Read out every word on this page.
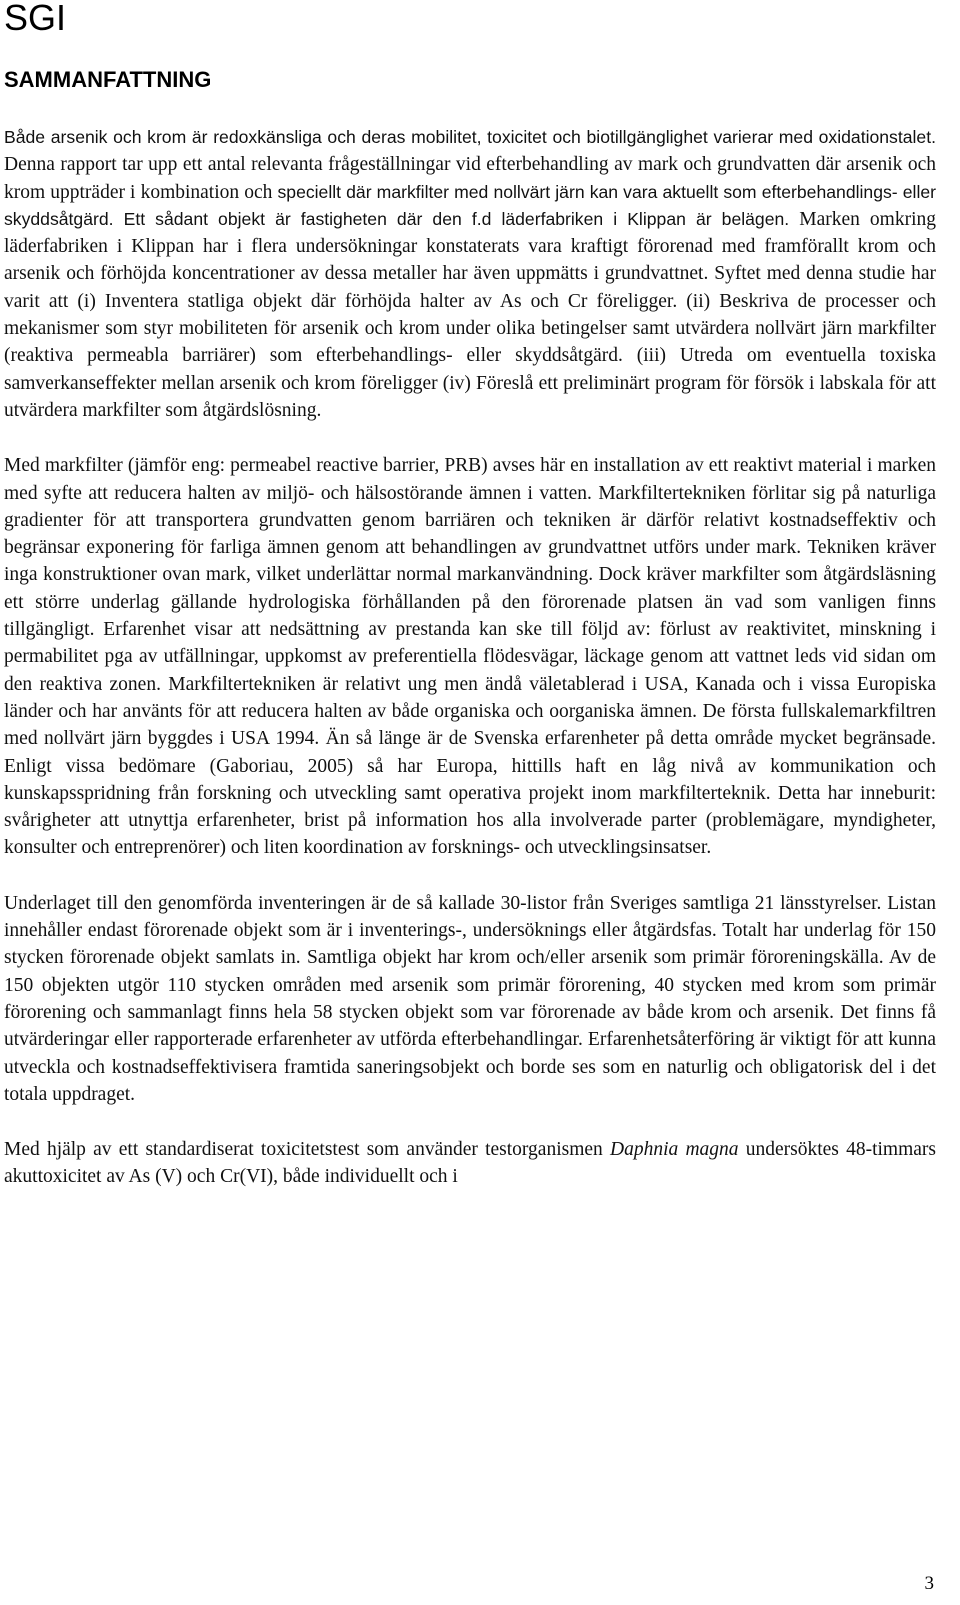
SGI
SAMMANFATTNING

Både arsenik och krom är redoxkänsliga och deras mobilitet, toxicitet och biotillgänglighet varierar med oxidationstalet. Denna rapport tar upp ett antal relevanta frågeställningar vid efterbehandling av mark och grundvatten där arsenik och krom uppträder i kombination och speciellt där markfilter med nollvärt järn kan vara aktuellt som efterbehandlings- eller skyddsåtgärd. Ett sådant objekt är fastigheten där den f.d läderfabriken i Klippan är belägen. Marken omkring läderfabriken i Klippan har i flera undersökningar konstaterats vara kraftigt förorenad med framförallt krom och arsenik och förhöjda koncentrationer av dessa metaller har även uppmätts i grundvattnet. Syftet med denna studie har varit att (i) Inventera statliga objekt där förhöjda halter av As och Cr föreligger. (ii) Beskriva de processer och mekanismer som styr mobiliteten för arsenik och krom under olika betingelser samt utvärdera nollvärt järn markfilter (reaktiva permeabla barriärer) som efterbehandlings- eller skyddsåtgärd. (iii) Utreda om eventuella toxiska samverkanseffekter mellan arsenik och krom föreligger (iv) Föreslå ett preliminärt program för försök i labskala för att utvärdera markfilter som åtgärdslösning.

Med markfilter (jämför eng: permeabel reactive barrier, PRB) avses här en installation av ett reaktivt material i marken med syfte att reducera halten av miljö- och hälsostörande ämnen i vatten. Markfiltertekniken förlitar sig på naturliga gradienter för att transportera grundvatten genom barriären och tekniken är därför relativt kostnadseffektiv och begränsar exponering för farliga ämnen genom att behandlingen av grundvattnet utförs under mark. Tekniken kräver inga konstruktioner ovan mark, vilket underlättar normal markanvändning. Dock kräver markfilter som åtgärdsläsning ett större underlag gällande hydrologiska förhållanden på den förorenade platsen än vad som vanligen finns tillgängligt. Erfarenhet visar att nedsättning av prestanda kan ske till följd av: förlust av reaktivitet, minskning i permabilitet pga av utfällningar, uppkomst av preferentiella flödesvägar, läckage genom att vattnet leds vid sidan om den reaktiva zonen. Markfiltertekniken är relativt ung men ändå väletablerad i USA, Kanada och i vissa Europiska länder och har använts för att reducera halten av både organiska och oorganiska ämnen. De första fullskalemarkfiltren med nollvärt järn byggdes i USA 1994. Än så länge är de Svenska erfarenheter på detta område mycket begränsade. Enligt vissa bedömare (Gaboriau, 2005) så har Europa, hittills haft en låg nivå av kommunikation och kunskapsspridning från forskning och utveckling samt operativa projekt inom markfilterteknik. Detta har inneburit: svårigheter att utnyttja erfarenheter, brist på information hos alla involverade parter (problemägare, myndigheter, konsulter och entreprenörer) och liten koordination av forsknings- och utvecklingsinsatser.

Underlaget till den genomförda inventeringen är de så kallade 30-listor från Sveriges samtliga 21 länsstyrelser. Listan innehåller endast förorenade objekt som är i inventerings-, undersöknings eller åtgärdsfas. Totalt har underlag för 150 stycken förorenade objekt samlats in. Samtliga objekt har krom och/eller arsenik som primär föroreningskälla. Av de 150 objekten utgör 110 stycken områden med arsenik som primär förorening, 40 stycken med krom som primär förorening och sammanlagt finns hela 58 stycken objekt som var förorenade av både krom och arsenik. Det finns få utvärderingar eller rapporterade erfarenheter av utförda efterbehandlingar. Erfarenhetsåterföring är viktigt för att kunna utveckla och kostnadseffektivisera framtida saneringsobjekt och borde ses som en naturlig och obligatorisk del i det totala uppdraget.

Med hjälp av ett standardiserat toxicitetstest som använder testorganismen Daphnia magna undersöktes 48-timmars akuttoxicitet av As (V) och Cr(VI), både individuellt och i

3
